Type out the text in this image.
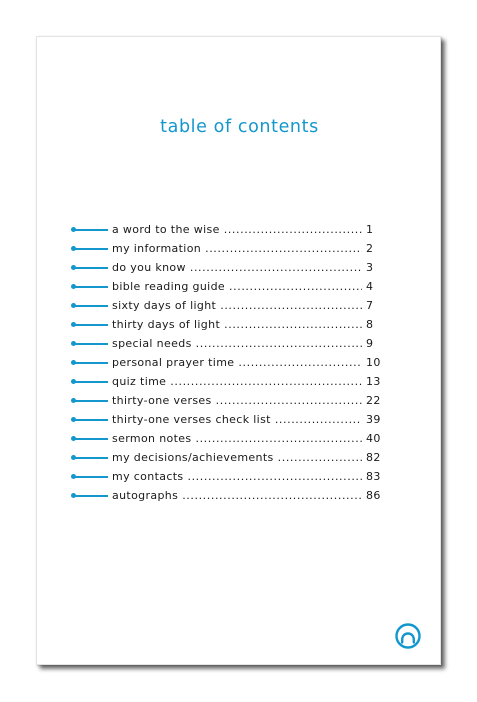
table of contents
a word to the wise .....	1
my information .....	2
do you know .....	3
bible reading guide .....	4
sixty days of light .....	7
thirty days of light .....	8
special needs .....	9
personal prayer time .....	10
quiz time .....	13
thirty-one verses .....	22
thirty-one verses check list .....	39
sermon notes .....	40
my decisions/achievements .....	82
my contacts .....	83
autographs .....	86
